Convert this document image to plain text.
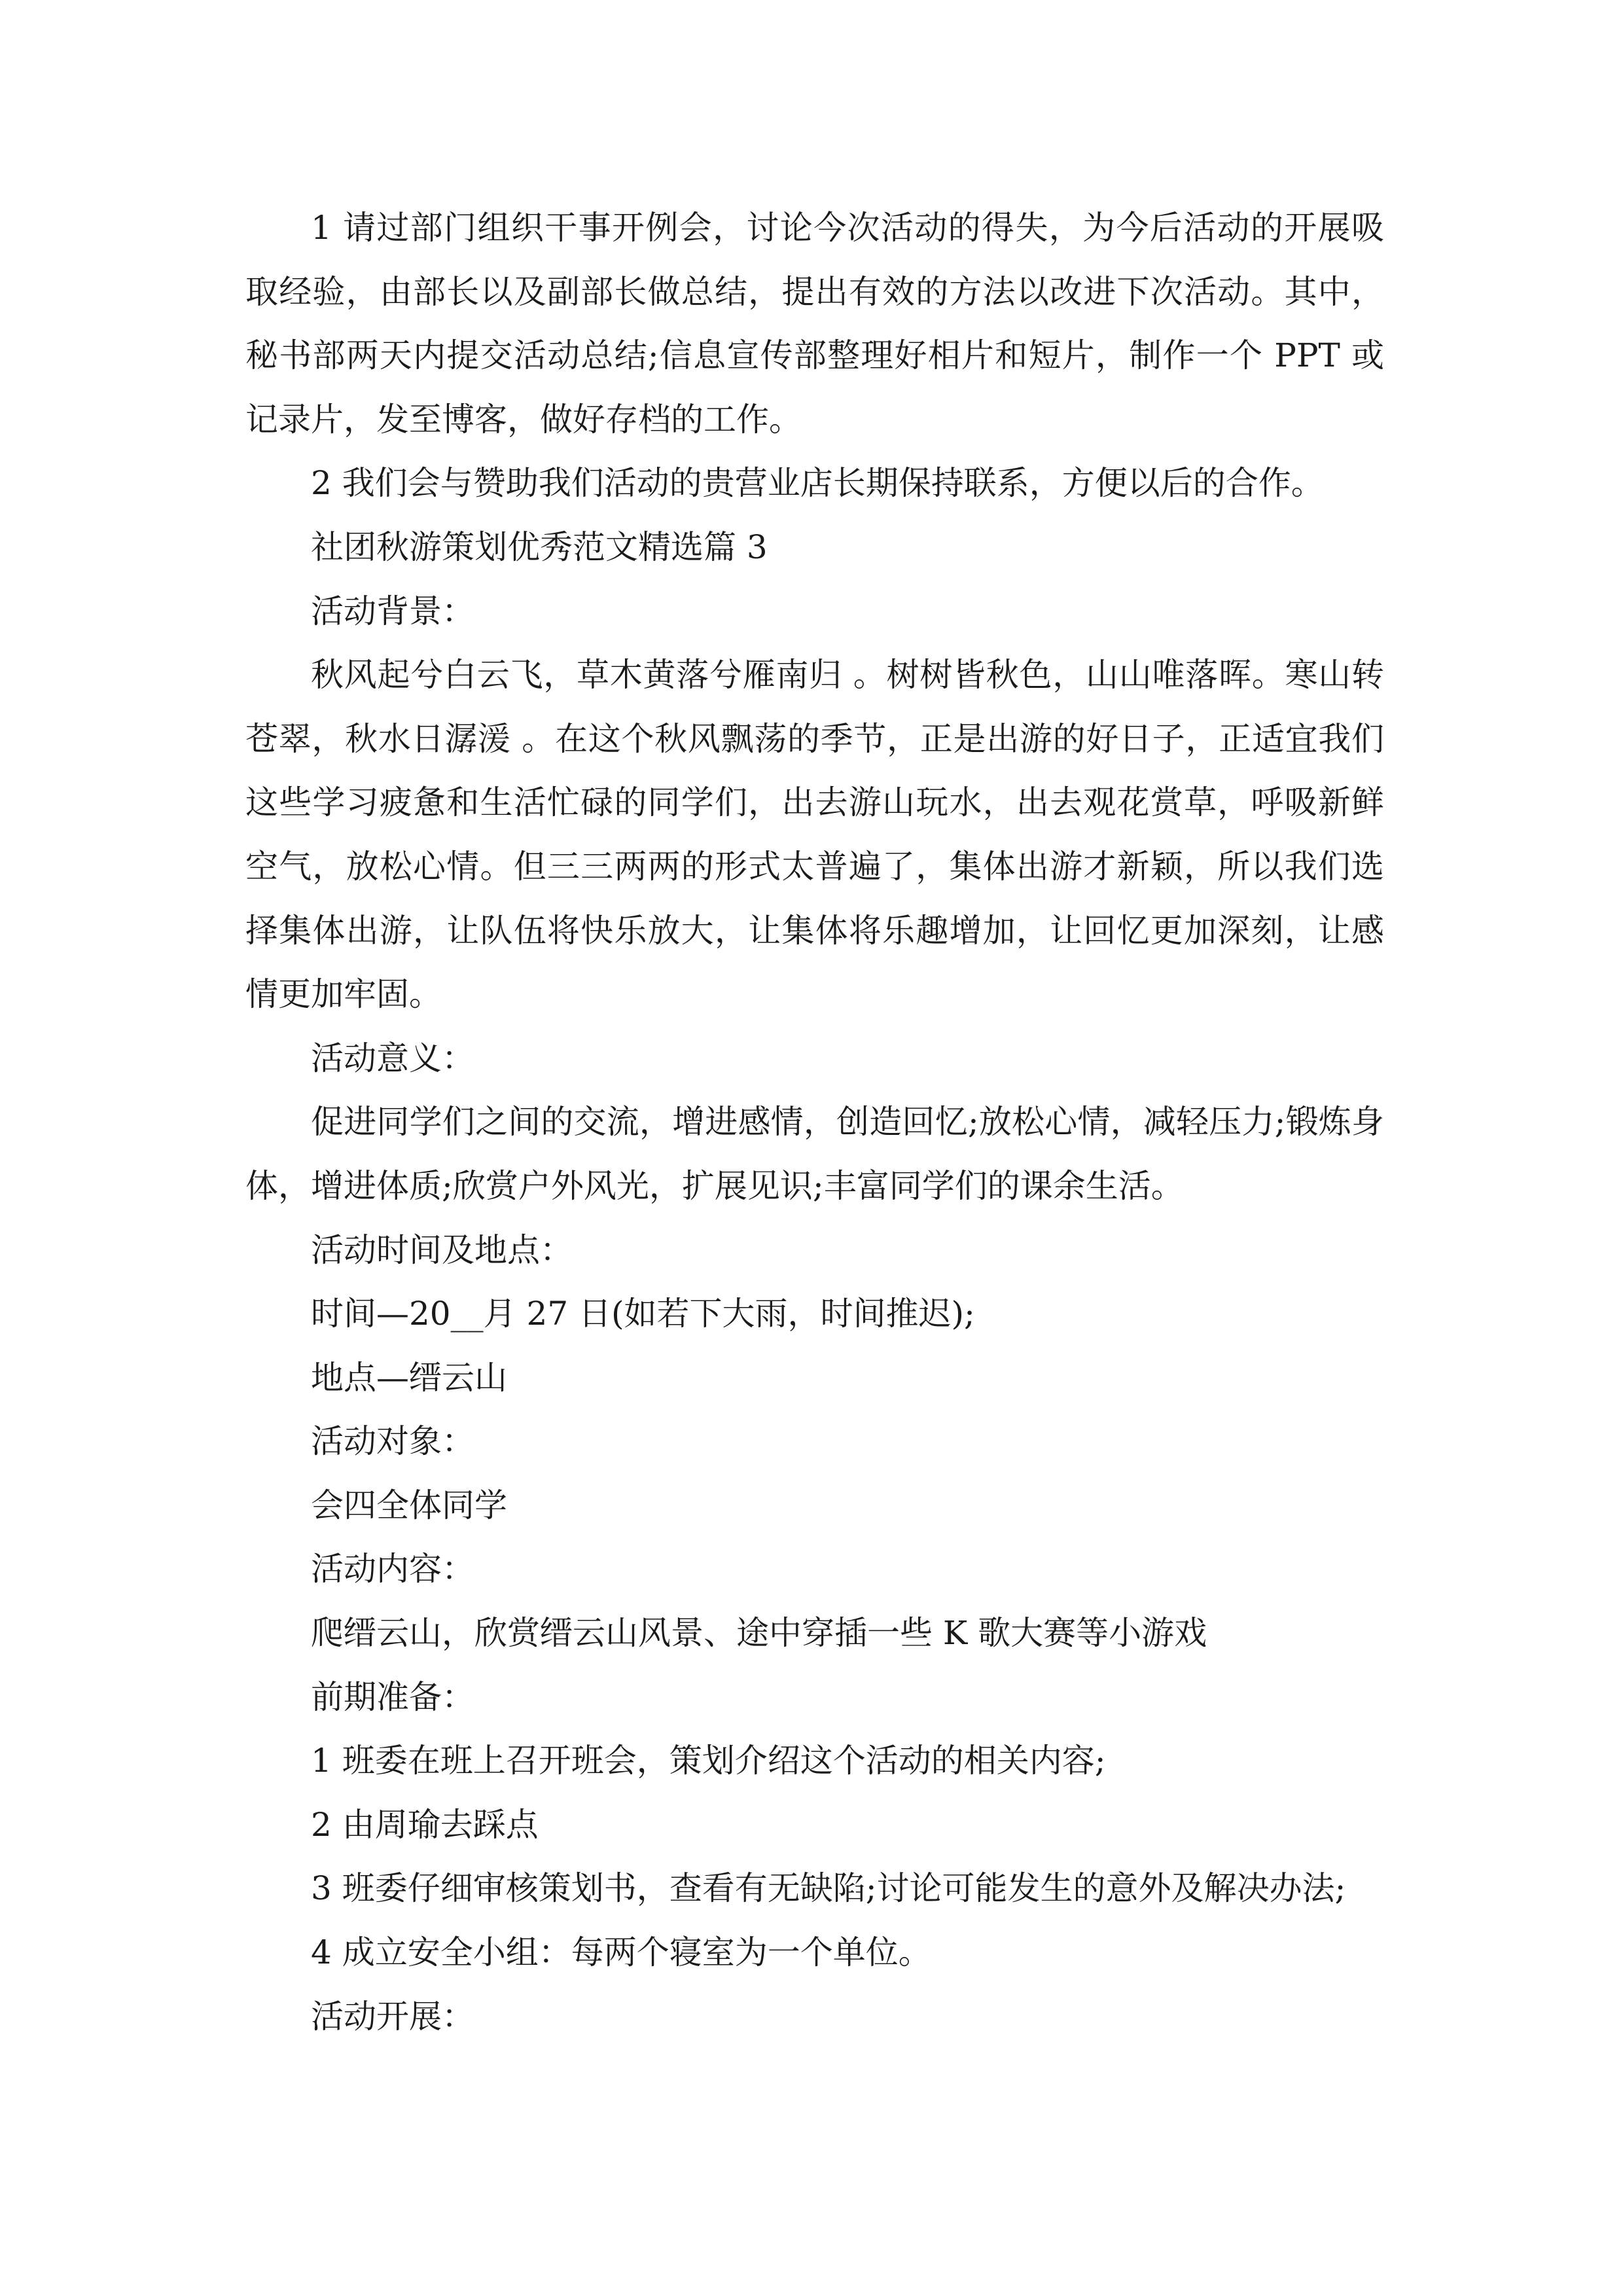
1 请过部门组织干事开例会，讨论今次活动的得失，为今后活动的开展吸取经验，由部长以及副部长做总结，提出有效的方法以改进下次活动。其中，秘书部两天内提交活动总结;信息宣传部整理好相片和短片，制作一个 PPT 或记录片，发至博客，做好存档的工作。

2 我们会与赞助我们活动的贵营业店长期保持联系，方便以后的合作。

社团秋游策划优秀范文精选篇 3

活动背景：

秋风起兮白云飞，草木黄落兮雁南归 。树树皆秋色，山山唯落晖。寒山转苍翠，秋水日潺湲 。在这个秋风飘荡的季节，正是出游的好日子，正适宜我们这些学习疲惫和生活忙碌的同学们，出去游山玩水，出去观花赏草，呼吸新鲜空气，放松心情。但三三两两的形式太普遍了，集体出游才新颖，所以我们选择集体出游，让队伍将快乐放大，让集体将乐趣增加，让回忆更加深刻，让感情更加牢固。

活动意义：

促进同学们之间的交流，增进感情，创造回忆;放松心情，减轻压力;锻炼身体，增进体质;欣赏户外风光，扩展见识;丰富同学们的课余生活。

活动时间及地点：

时间—20__月 27 日(如若下大雨，时间推迟);

地点—缙云山

活动对象：

会四全体同学

活动内容：

爬缙云山，欣赏缙云山风景、途中穿插一些 K 歌大赛等小游戏

前期准备：

1 班委在班上召开班会，策划介绍这个活动的相关内容;

2 由周瑜去踩点

3 班委仔细审核策划书，查看有无缺陷;讨论可能发生的意外及解决办法;

4 成立安全小组：每两个寝室为一个单位。

活动开展：
